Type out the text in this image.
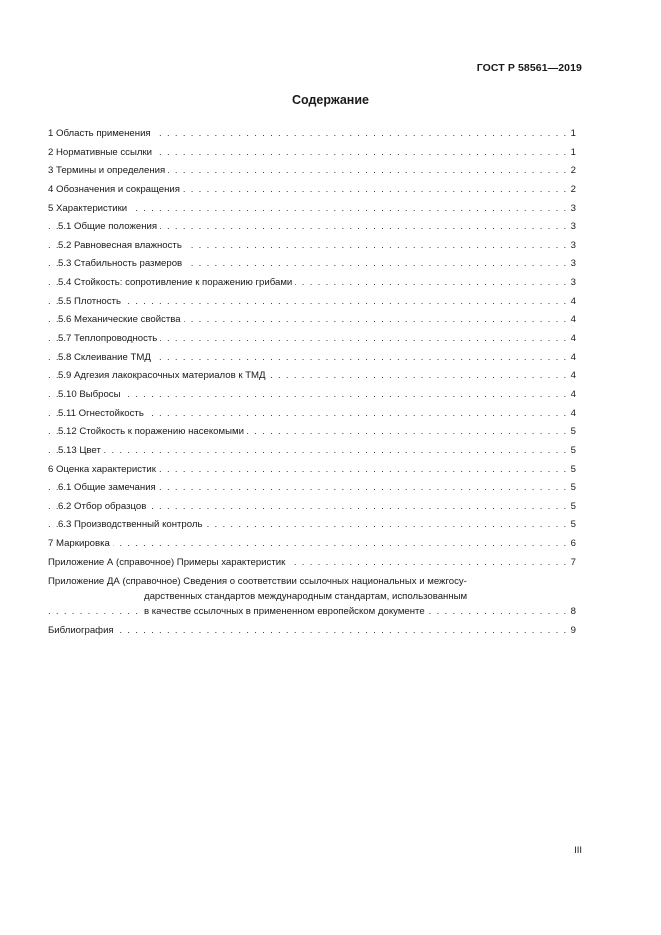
ГОСТ Р 58561—2019
Содержание
. . .
1 Область применения	1
. . .
2 Нормативные ссылки	1
. . .
3 Термины и определения	2
. . .
4 Обозначения и сокращения	2
. . .
5 Характеристики	3
. . .
5.1 Общие положения	3
. . .
5.2 Равновесная влажность	3
. . .
5.3 Стабильность размеров	3
. . .
5.4 Стойкость: сопротивление к поражению грибами	3
. . .
5.5 Плотность	4
. . .
5.6 Механические свойства	4
. . .
5.7 Теплопроводность	4
. . .
5.8 Склеивание ТМД	4
. . .
5.9 Адгезия лакокрасочных материалов к ТМД	4
. . .
5.10 Выбросы	4
. . .
5.11 Огнестойкость	4
. . .
5.12 Стойкость к поражению насекомыми	5
. . .
5.13 Цвет	5
. . .
6 Оценка характеристик	5
. . .
6.1 Общие замечания	5
. . .
6.2 Отбор образцов	5
. . .
6.3 Производственный контроль	5
. . .
7 Маркировка	6
. . .
Приложение А (справочное) Примеры характеристик	7
Приложение ДА (справочное) Сведения о соответствии ссылочных национальных и межгосу-
дарственных стандартов международным стандартам, использованным
. . .
в качестве ссылочных в примененном европейском документе	8
. . .
Библиография	9
III
